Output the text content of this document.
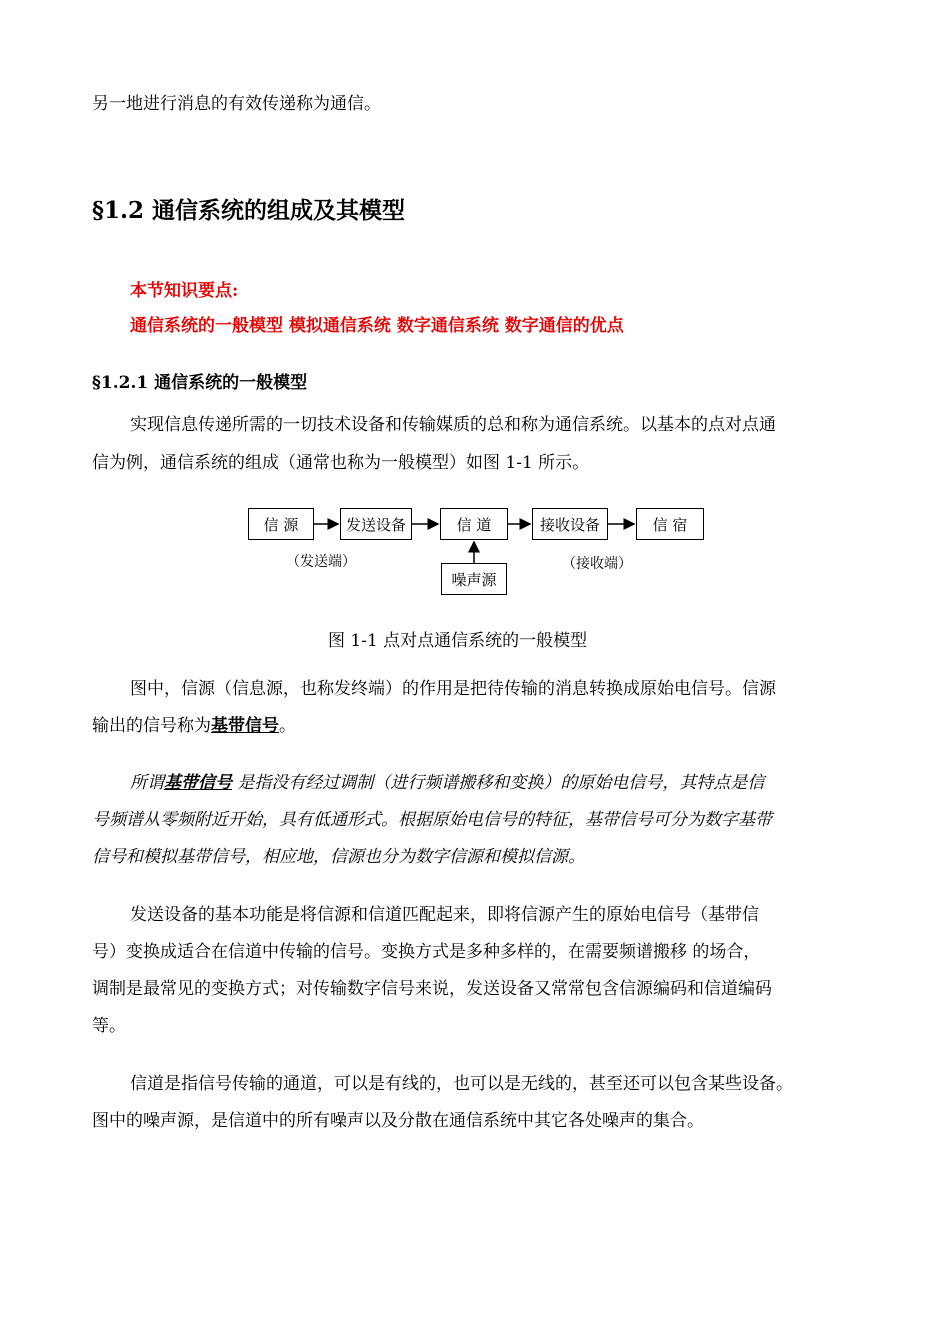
另一地进行消息的有效传递称为通信。
§1.2 通信系统的组成及其模型
本节知识要点:
通信系统的一般模型 模拟通信系统 数字通信系统 数字通信的优点
§1.2.1 通信系统的一般模型
实现信息传递所需的一切技术设备和传输媒质的总和称为通信系统。以基本的点对点通
信为例，通信系统的组成（通常也称为一般模型）如图 1-1 所示。
信 源	发送设备	信 道	接收设备	信 宿
噪声源
（发送端）	（接收端）
图 1-1 点对点通信系统的一般模型
图中，信源（信息源，也称发终端）的作用是把待传输的消息转换成原始电信号。信源
输出的信号称为基带信号。
所谓基带信号 是指没有经过调制（进行频谱搬移和变换）的原始电信号，其特点是信
号频谱从零频附近开始，具有低通形式。根据原始电信号的特征，基带信号可分为数字基带
信号和模拟基带信号，相应地，信源也分为数字信源和模拟信源。
发送设备的基本功能是将信源和信道匹配起来，即将信源产生的原始电信号（基带信
号）变换成适合在信道中传输的信号。变换方式是多种多样的，在需要频谱搬移 的场合，
调制是最常见的变换方式；对传输数字信号来说，发送设备又常常包含信源编码和信道编码
等。
信道是指信号传输的通道，可以是有线的，也可以是无线的，甚至还可以包含某些设备。
图中的噪声源，是信道中的所有噪声以及分散在通信系统中其它各处噪声的集合。
